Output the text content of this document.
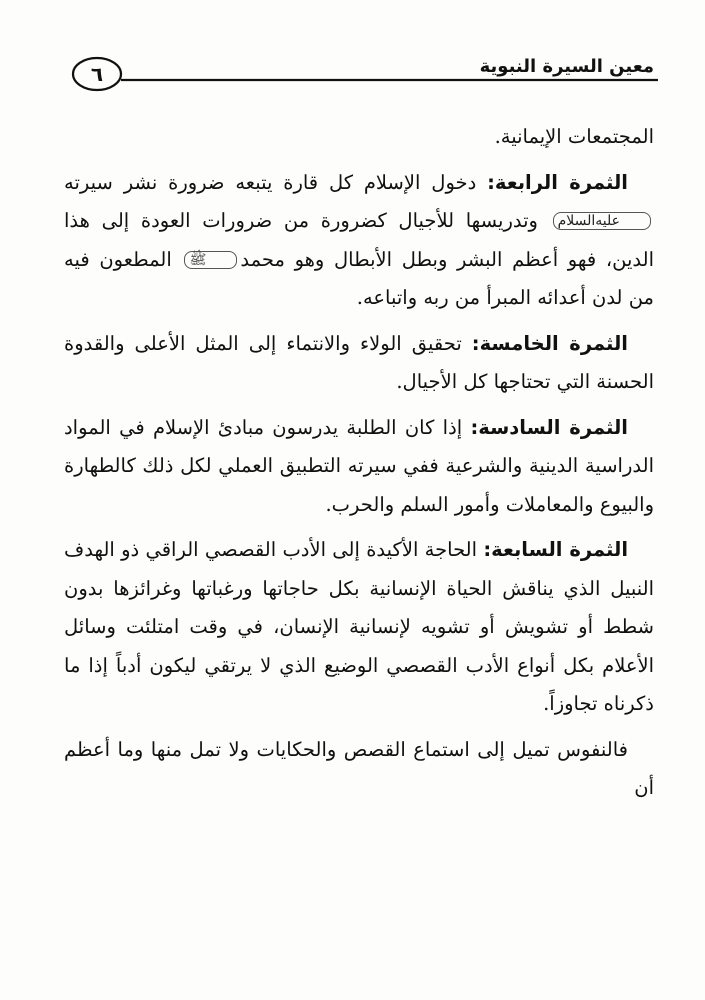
٦	معين السيرة النبوية

المجتمعات الإيمانية.

الثمرة الرابعة: دخول الإسلام كل قارة يتبعه ضرورة نشر سيرتهعليه‌السلام وتدريسها للأجيال كضرورة من ضرورات العودة إلى هذا الدين، فهو أعظم البشر وبطل الأبطال وهو محمدﷺ المطعون فيه من لدن أعدائه المبرأ من ربه واتباعه.

الثمرة الخامسة: تحقيق الولاء والانتماء إلى المثل الأعلى والقدوة الحسنة التي تحتاجها كل الأجيال.

الثمرة السادسة: إذا كان الطلبة يدرسون مبادئ الإسلام في المواد الدراسية الدينية والشرعية ففي سيرته التطبيق العملي لكل ذلك كالطهارة والبيوع والمعاملات وأمور السلم والحرب.

الثمرة السابعة: الحاجة الأكيدة إلى الأدب القصصي الراقي ذو الهدف النبيل الذي يناقش الحياة الإنسانية بكل حاجاتها ورغباتها وغرائزها بدون شطط أو تشويش أو تشويه لإنسانية الإنسان، في وقت امتلئت وسائل الأعلام بكل أنواع الأدب القصصي الوضيع الذي لا يرتقي ليكون أدباً إذا ما ذكرناه تجاوزاً.

فالنفوس تميل إلى استماع القصص والحكايات ولا تمل منها وما أعظم أن
